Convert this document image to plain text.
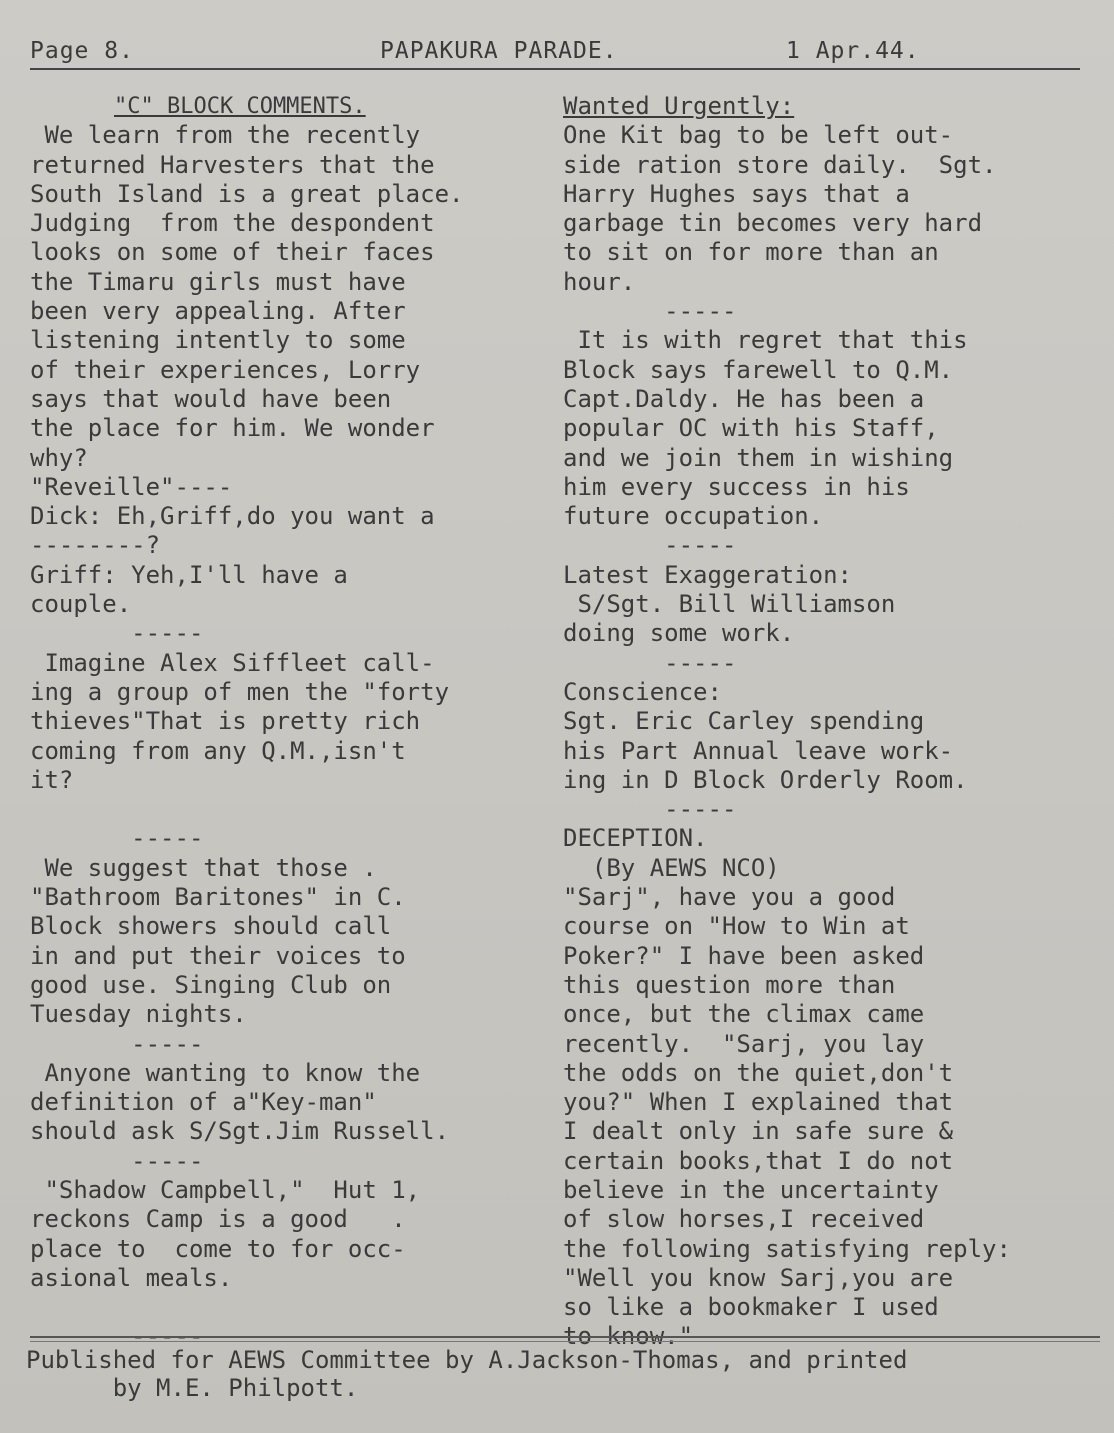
Page 8.	PAPAKURA PARADE.	1 Apr.44.

"C" BLOCK COMMENTS.

We learn from the recently

returned Harvesters that the

South Island is a great place.

Judging  from the despondent

looks on some of their faces

the Timaru girls must have

been very appealing. After

listening intently to some

of their experiences, Lorry

says that would have been

the place for him. We wonder

why?

"Reveille"----

Dick: Eh,Griff,do you want a

--------?

Griff: Yeh,I'll have a

couple.

-----

Imagine Alex Siffleet call-

ing a group of men the "forty

thieves"That is pretty rich

coming from any Q.M.,isn't

it?

-----

We suggest that those .

"Bathroom Baritones" in C.

Block showers should call

in and put their voices to

good use. Singing Club on

Tuesday nights.

-----

Anyone wanting to know the

definition of a"Key-man"

should ask S/Sgt.Jim Russell.

-----

"Shadow Campbell,"  Hut 1,

reckons Camp is a good   .

place to  come to for occ-

asional meals.

-----

Wanted Urgently:

One Kit bag to be left out-

side ration store daily.  Sgt.

Harry Hughes says that a

garbage tin becomes very hard

to sit on for more than an

hour.

-----

It is with regret that this

Block says farewell to Q.M.

Capt.Daldy. He has been a

popular OC with his Staff,

and we join them in wishing

him every success in his

future occupation.

-----

Latest Exaggeration:

S/Sgt. Bill Williamson

doing some work.

-----

Conscience:

Sgt. Eric Carley spending

his Part Annual leave work-

ing in D Block Orderly Room.

-----

DECEPTION.

(By AEWS NCO)

"Sarj", have you a good

course on "How to Win at

Poker?" I have been asked

this question more than

once, but the climax came

recently.  "Sarj, you lay

the odds on the quiet,don't

you?" When I explained that

I dealt only in safe sure &

certain books,that I do not

believe in the uncertainty

of slow horses,I received

the following satisfying reply:

"Well you know Sarj,you are

so like a bookmaker I used

to know."

Published for AEWS Committee by A.Jackson-Thomas, and printed

by M.E. Philpott.
